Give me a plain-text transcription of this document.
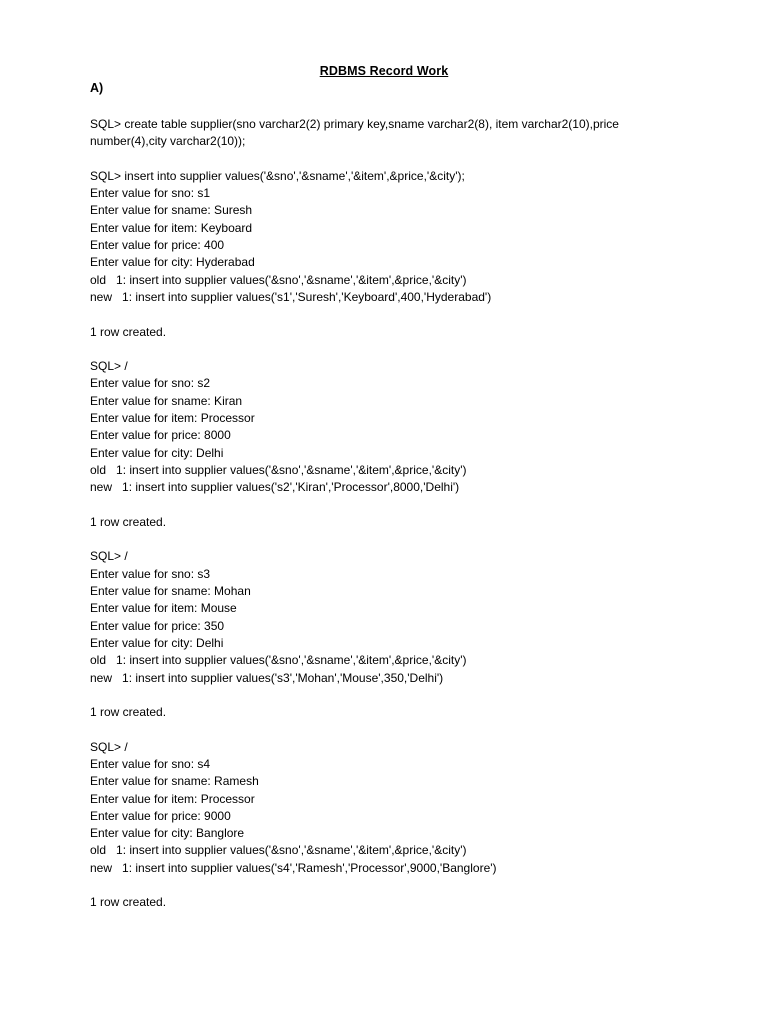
RDBMS Record Work
A)
SQL> create table supplier(sno varchar2(2) primary key,sname varchar2(8), item varchar2(10),price
number(4),city varchar2(10));
SQL> insert into supplier values('&sno','&sname','&item',&price,'&city');
Enter value for sno: s1
Enter value for sname: Suresh
Enter value for item: Keyboard
Enter value for price: 400
Enter value for city: Hyderabad
old   1: insert into supplier values('&sno','&sname','&item',&price,'&city')
new   1: insert into supplier values('s1','Suresh','Keyboard',400,'Hyderabad')
1 row created.
SQL> /
Enter value for sno: s2
Enter value for sname: Kiran
Enter value for item: Processor
Enter value for price: 8000
Enter value for city: Delhi
old   1: insert into supplier values('&sno','&sname','&item',&price,'&city')
new   1: insert into supplier values('s2','Kiran','Processor',8000,'Delhi')
1 row created.
SQL> /
Enter value for sno: s3
Enter value for sname: Mohan
Enter value for item: Mouse
Enter value for price: 350
Enter value for city: Delhi
old   1: insert into supplier values('&sno','&sname','&item',&price,'&city')
new   1: insert into supplier values('s3','Mohan','Mouse',350,'Delhi')
1 row created.
SQL> /
Enter value for sno: s4
Enter value for sname: Ramesh
Enter value for item: Processor
Enter value for price: 9000
Enter value for city: Banglore
old   1: insert into supplier values('&sno','&sname','&item',&price,'&city')
new   1: insert into supplier values('s4','Ramesh','Processor',9000,'Banglore')
1 row created.
